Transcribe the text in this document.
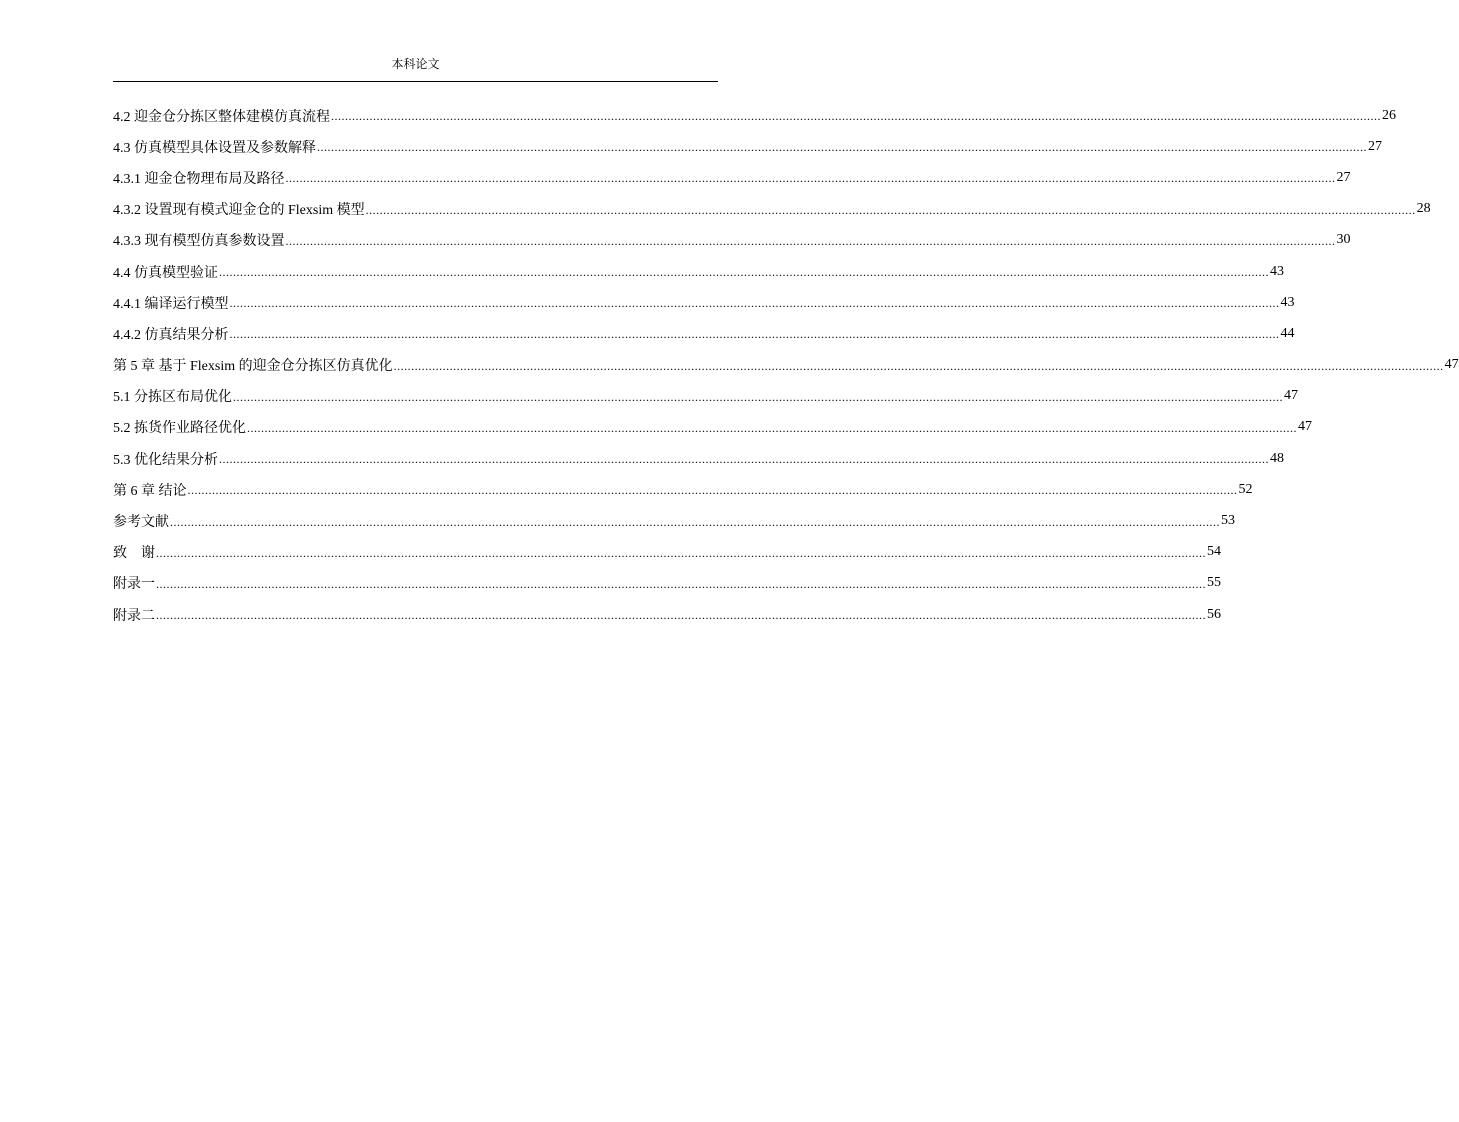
本科论文
4.2 迎金仓分拣区整体建模仿真流程 ............................................................................................................................................................................................................................................................................................................ 26
4.3 仿真模型具体设置及参数解释 ............................................................................................................................................................................................................................................................................................................ 27
4.3.1 迎金仓物理布局及路径 ............................................................................................................................................................................................................................................................................................................ 27
4.3.2 设置现有模式迎金仓的 Flexsim 模型 ............................................................................................................................................................................................................................................................................................................ 28
4.3.3 现有模型仿真参数设置 ............................................................................................................................................................................................................................................................................................................ 30
4.4 仿真模型验证 ............................................................................................................................................................................................................................................................................................................ 43
4.4.1 编译运行模型 ............................................................................................................................................................................................................................................................................................................ 43
4.4.2 仿真结果分析 ............................................................................................................................................................................................................................................................................................................ 44
第 5 章 基于 Flexsim 的迎金仓分拣区仿真优化 ............................................................................................................................................................................................................................................................................................................ 47
5.1 分拣区布局优化 ............................................................................................................................................................................................................................................................................................................ 47
5.2 拣货作业路径优化 ............................................................................................................................................................................................................................................................................................................ 47
5.3 优化结果分析 ............................................................................................................................................................................................................................................................................................................ 48
第 6 章 结论 ............................................................................................................................................................................................................................................................................................................ 52
参考文献 ............................................................................................................................................................................................................................................................................................................ 53
致　谢 ............................................................................................................................................................................................................................................................................................................ 54
附录一 ............................................................................................................................................................................................................................................................................................................ 55
附录二 ............................................................................................................................................................................................................................................................................................................ 56
